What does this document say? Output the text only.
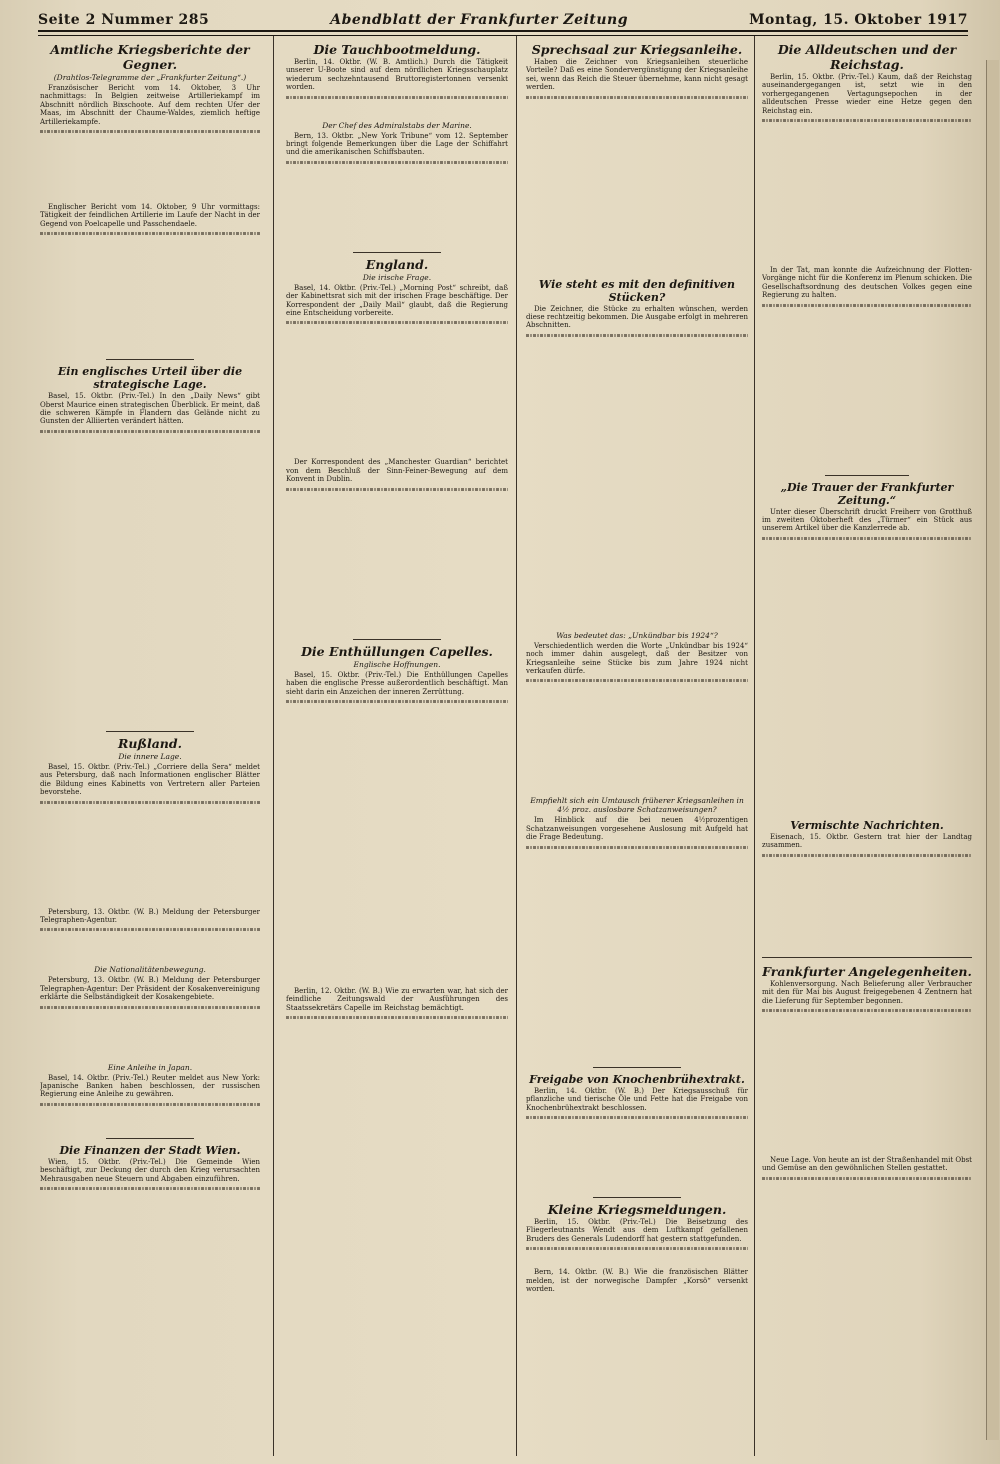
Seite 2 Nummer 285	Abendblatt der Frankfurter Zeitung	Montag, 15. Oktober 1917
Amtliche Kriegsberichte der Gegner.
(Drahtlos-Telegramme der „Frankfurter Zeitung“.)

Französischer Bericht vom 14. Oktober, 3 Uhr nachmittags: In Belgien zeitweise Artilleriekampf im Abschnitt nördlich Bixschoote. Auf dem rechten Ufer der Maas, im Abschnitt der Chaume-Waldes, ziemlich heftige Artilleriekampfe.

Englischer Bericht vom 14. Oktober, 9 Uhr vormittags: Tätigkeit der feindlichen Artillerie im Laufe der Nacht in der Gegend von Poelcapelle und Passchendaele.

Ein englisches Urteil über die strategische Lage.

Basel, 15. Oktbr. (Priv.-Tel.) In den „Daily News“ gibt Oberst Maurice einen strategischen Überblick. Er meint, daß die schweren Kämpfe in Flandern das Gelände nicht zu Gunsten der Alliierten verändert hätten.

Rußland.
Die innere Lage.

Basel, 15. Oktbr. (Priv.-Tel.) „Corriere della Sera“ meldet aus Petersburg, daß nach Informationen englischer Blätter die Bildung eines Kabinetts von Vertretern aller Parteien bevorstehe.

Petersburg, 13. Oktbr. (W. B.) Meldung der Petersburger Telegraphen-Agentur.

Die Nationalitätenbewegung.

Petersburg, 13. Oktbr. (W. B.) Meldung der Petersburger Telegraphen-Agentur: Der Präsident der Kosakenvereinigung erklärte die Selbständigkeit der Kosakengebiete.

Eine Anleihe in Japan.

Basel, 14. Oktbr. (Priv.-Tel.) Reuter meldet aus New York: Japanische Banken haben beschlossen, der russischen Regierung eine Anleihe zu gewähren.

Die Finanzen der Stadt Wien.

Wien, 15. Oktbr. (Priv.-Tel.) Die Gemeinde Wien beschäftigt, zur Deckung der durch den Krieg verursachten Mehrausgaben neue Steuern und Abgaben einzuführen.

Die Tauchbootmeldung.

Berlin, 14. Oktbr. (W. B. Amtlich.) Durch die Tätigkeit unserer U-Boote sind auf dem nördlichen Kriegsschauplatz wiederum sechzehntausend Bruttoregistertonnen versenkt worden.

Der Chef des Admiralstabs der Marine.

Bern, 13. Oktbr. „New York Tribune“ vom 12. September bringt folgende Bemerkungen über die Lage der Schiffahrt und die amerikanischen Schiffsbauten.

England.
Die irische Frage.

Basel, 14. Oktbr. (Priv.-Tel.) „Morning Post“ schreibt, daß der Kabinettsrat sich mit der irischen Frage beschäftige. Der Korrespondent der „Daily Mail“ glaubt, daß die Regierung eine Entscheidung vorbereite.

Der Korrespondent des „Manchester Guardian“ berichtet von dem Beschluß der Sinn-Feiner-Bewegung auf dem Konvent in Dublin.

Die Enthüllungen Capelles.
Englische Hoffnungen.

Basel, 15. Oktbr. (Priv.-Tel.) Die Enthüllungen Capelles haben die englische Presse außerordentlich beschäftigt. Man sieht darin ein Anzeichen der inneren Zerrüttung.

Berlin, 12. Oktbr. (W. B.) Wie zu erwarten war, hat sich der feindliche Zeitungswald der Ausführungen des Staatssekretärs Capelle im Reichstag bemächtigt.

Sprechsaal zur Kriegsanleihe.

Haben die Zeichner von Kriegsanleihen steuerliche Vorteile? Daß es eine Sondervergünstigung der Kriegsanleihe sei, wenn das Reich die Steuer übernehme, kann nicht gesagt werden.

Wie steht es mit den definitiven Stücken?

Die Zeichner, die Stücke zu erhalten wünschen, werden diese rechtzeitig bekommen. Die Ausgabe erfolgt in mehreren Abschnitten.

Was bedeutet das: „Unkündbar bis 1924“?

Verschiedentlich werden die Worte „Unkündbar bis 1924“ noch immer dahin ausgelegt, daß der Besitzer von Kriegsanleihe seine Stücke bis zum Jahre 1924 nicht verkaufen dürfe.

Empfiehlt sich ein Umtausch früherer Kriegsanleihen in 4½ proz. auslosbare Schatzanweisungen?

Im Hinblick auf die bei neuen 4½prozentigen Schatzanweisungen vorgesehene Auslosung mit Aufgeld hat die Frage Bedeutung.

Freigabe von Knochenbrühextrakt.

Berlin, 14. Oktbr. (W. B.) Der Kriegsausschuß für pflanzliche und tierische Öle und Fette hat die Freigabe von Knochenbrühextrakt beschlossen.

Kleine Kriegsmeldungen.

Berlin, 15. Oktbr. (Priv.-Tel.) Die Beisetzung des Fliegerleutnants Wendt aus dem Luftkampf gefallenen Bruders des Generals Ludendorff hat gestern stattgefunden.

Bern, 14. Oktbr. (W. B.) Wie die französischen Blätter melden, ist der norwegische Dampfer „Korsö“ versenkt worden.

Die Alldeutschen und der Reichstag.

Berlin, 15. Oktbr. (Priv.-Tel.) Kaum, daß der Reichstag auseinandergegangen ist, setzt wie in den vorhergegangenen Vertagungsepochen in der alldeutschen Presse wieder eine Hetze gegen den Reichstag ein.

In der Tat, man konnte die Aufzeichnung der Flotten-Vorgänge nicht für die Konferenz im Plenum schicken. Die Gesellschaftsordnung des deutschen Volkes gegen eine Regierung zu halten.

„Die Trauer der Frankfurter Zeitung.“

Unter dieser Überschrift druckt Freiherr von Grotthuß im zweiten Oktoberheft des „Türmer“ ein Stück aus unserem Artikel über die Kanzlerrede ab.

Vermischte Nachrichten.

Eisenach, 15. Oktbr. Gestern trat hier der Landtag zusammen.

Frankfurter Angelegenheiten.

Kohlenversorgung. Nach Belieferung aller Verbraucher mit den für Mai bis August freigegebenen 4 Zentnern hat die Lieferung für September begonnen.

Neue Lage. Von heute an ist der Straßenhandel mit Obst und Gemüse an den gewöhnlichen Stellen gestattet.
